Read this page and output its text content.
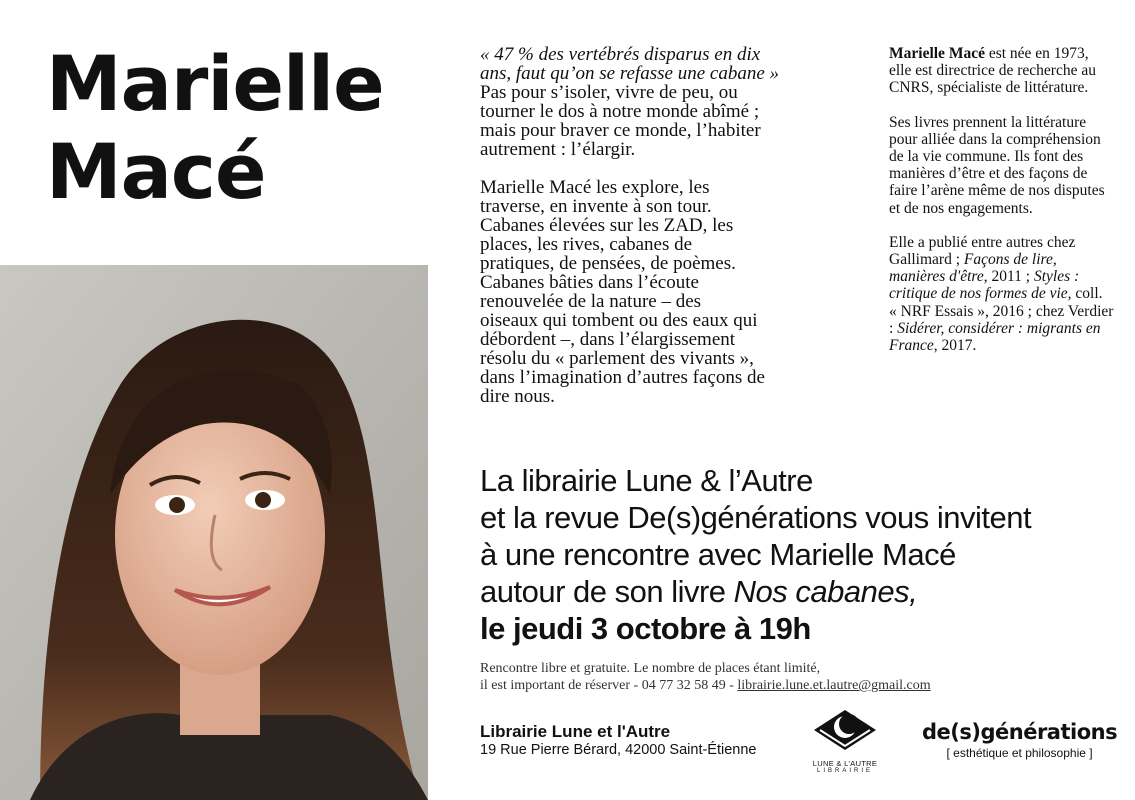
Marielle
Macé

« 47 % des vertébrés disparus en dix
ans, faut qu’on se refasse une cabane »
Pas pour s’isoler, vivre de peu, ou
tourner le dos à notre monde abîmé ;
mais pour braver ce monde, l’habiter
autrement : l’élargir.

Marielle Macé les explore, les
traverse, en invente à son tour.
Cabanes élevées sur les ZAD, les
places, les rives, cabanes de
pratiques, de pensées, de poèmes.
Cabanes bâties dans l’écoute
renouvelée de la nature – des
oiseaux qui tombent ou des eaux qui
débordent –, dans l’élargissement
résolu du « parlement des vivants »,
dans l’imagination d’autres façons de
dire nous.

Marielle Macé est née en 1973, elle est directrice de recherche au CNRS, spécialiste de littérature.

Ses livres prennent la littérature pour alliée dans la compréhension de la vie commune. Ils font des manières d’être et des façons de faire l’arène même de nos disputes et de nos engagements.

Elle a publié entre autres chez Gallimard ; Façons de lire, manières d'être, 2011 ; Styles : critique de nos formes de vie, coll. « NRF Essais », 2016 ; chez Verdier : Sidérer, considérer : migrants en France, 2017.

La librairie Lune & l’Autre
et la revue De(s)générations vous invitent
à une rencontre avec Marielle Macé
autour de son livre Nos cabanes,
le jeudi 3 octobre à 19h
Rencontre libre et gratuite. Le nombre de places étant limité,
il est important de réserver - 04 77 32 58 49 - librairie.lune.et.lautre@gmail.com
Librairie Lune et l'Autre
19 Rue Pierre Bérard, 42000 Saint-Étienne
LUNE & L'AUTRE
LIBRAIRIE
de(s)générations
[ esthétique et philosophie ]
